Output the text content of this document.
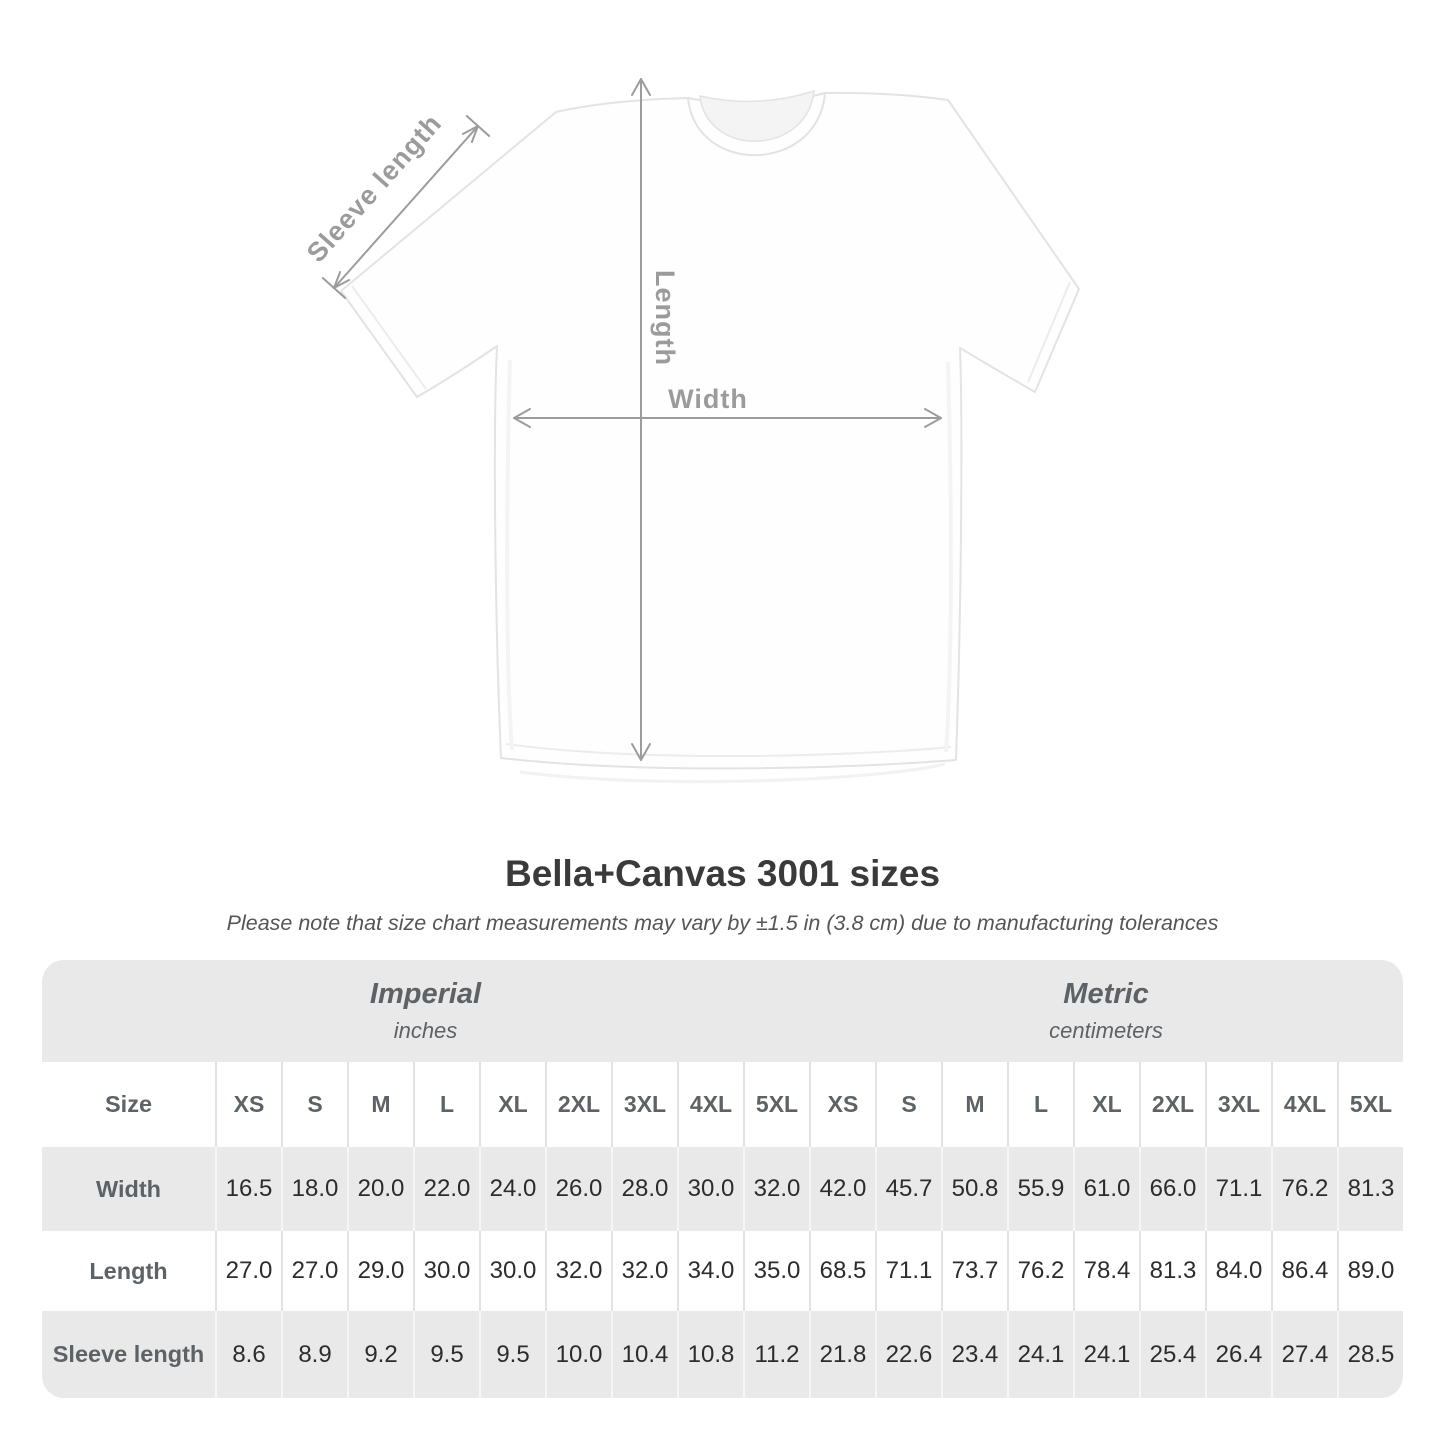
Width
Length
Sleeve length
Bella+Canvas 3001 sizes
Please note that size chart measurements may vary by ±1.5 in (3.8 cm) due to manufacturing tolerances
Imperial
inches
Metric
centimeters
Size	XS	S	M	L	XL	2XL	3XL	4XL	5XL	XS	S	M	L	XL	2XL	3XL	4XL	5XL
Width	16.5 18.0 20.0 22.0 24.0 26.0 28.0 30.0 32.0 42.0 45.7 50.8 55.9 61.0 66.0 71.1 76.2 81.3
Length	27.0 27.0 29.0 30.0 30.0 32.0 32.0 34.0 35.0 68.5 71.1 73.7 76.2 78.4 81.3 84.0 86.4 89.0
Sleeve length	8.6	8.9	9.2	9.5	9.5	10.0 10.4 10.8 11.2 21.8 22.6 23.4 24.1 24.1 25.4 26.4 27.4 28.5
